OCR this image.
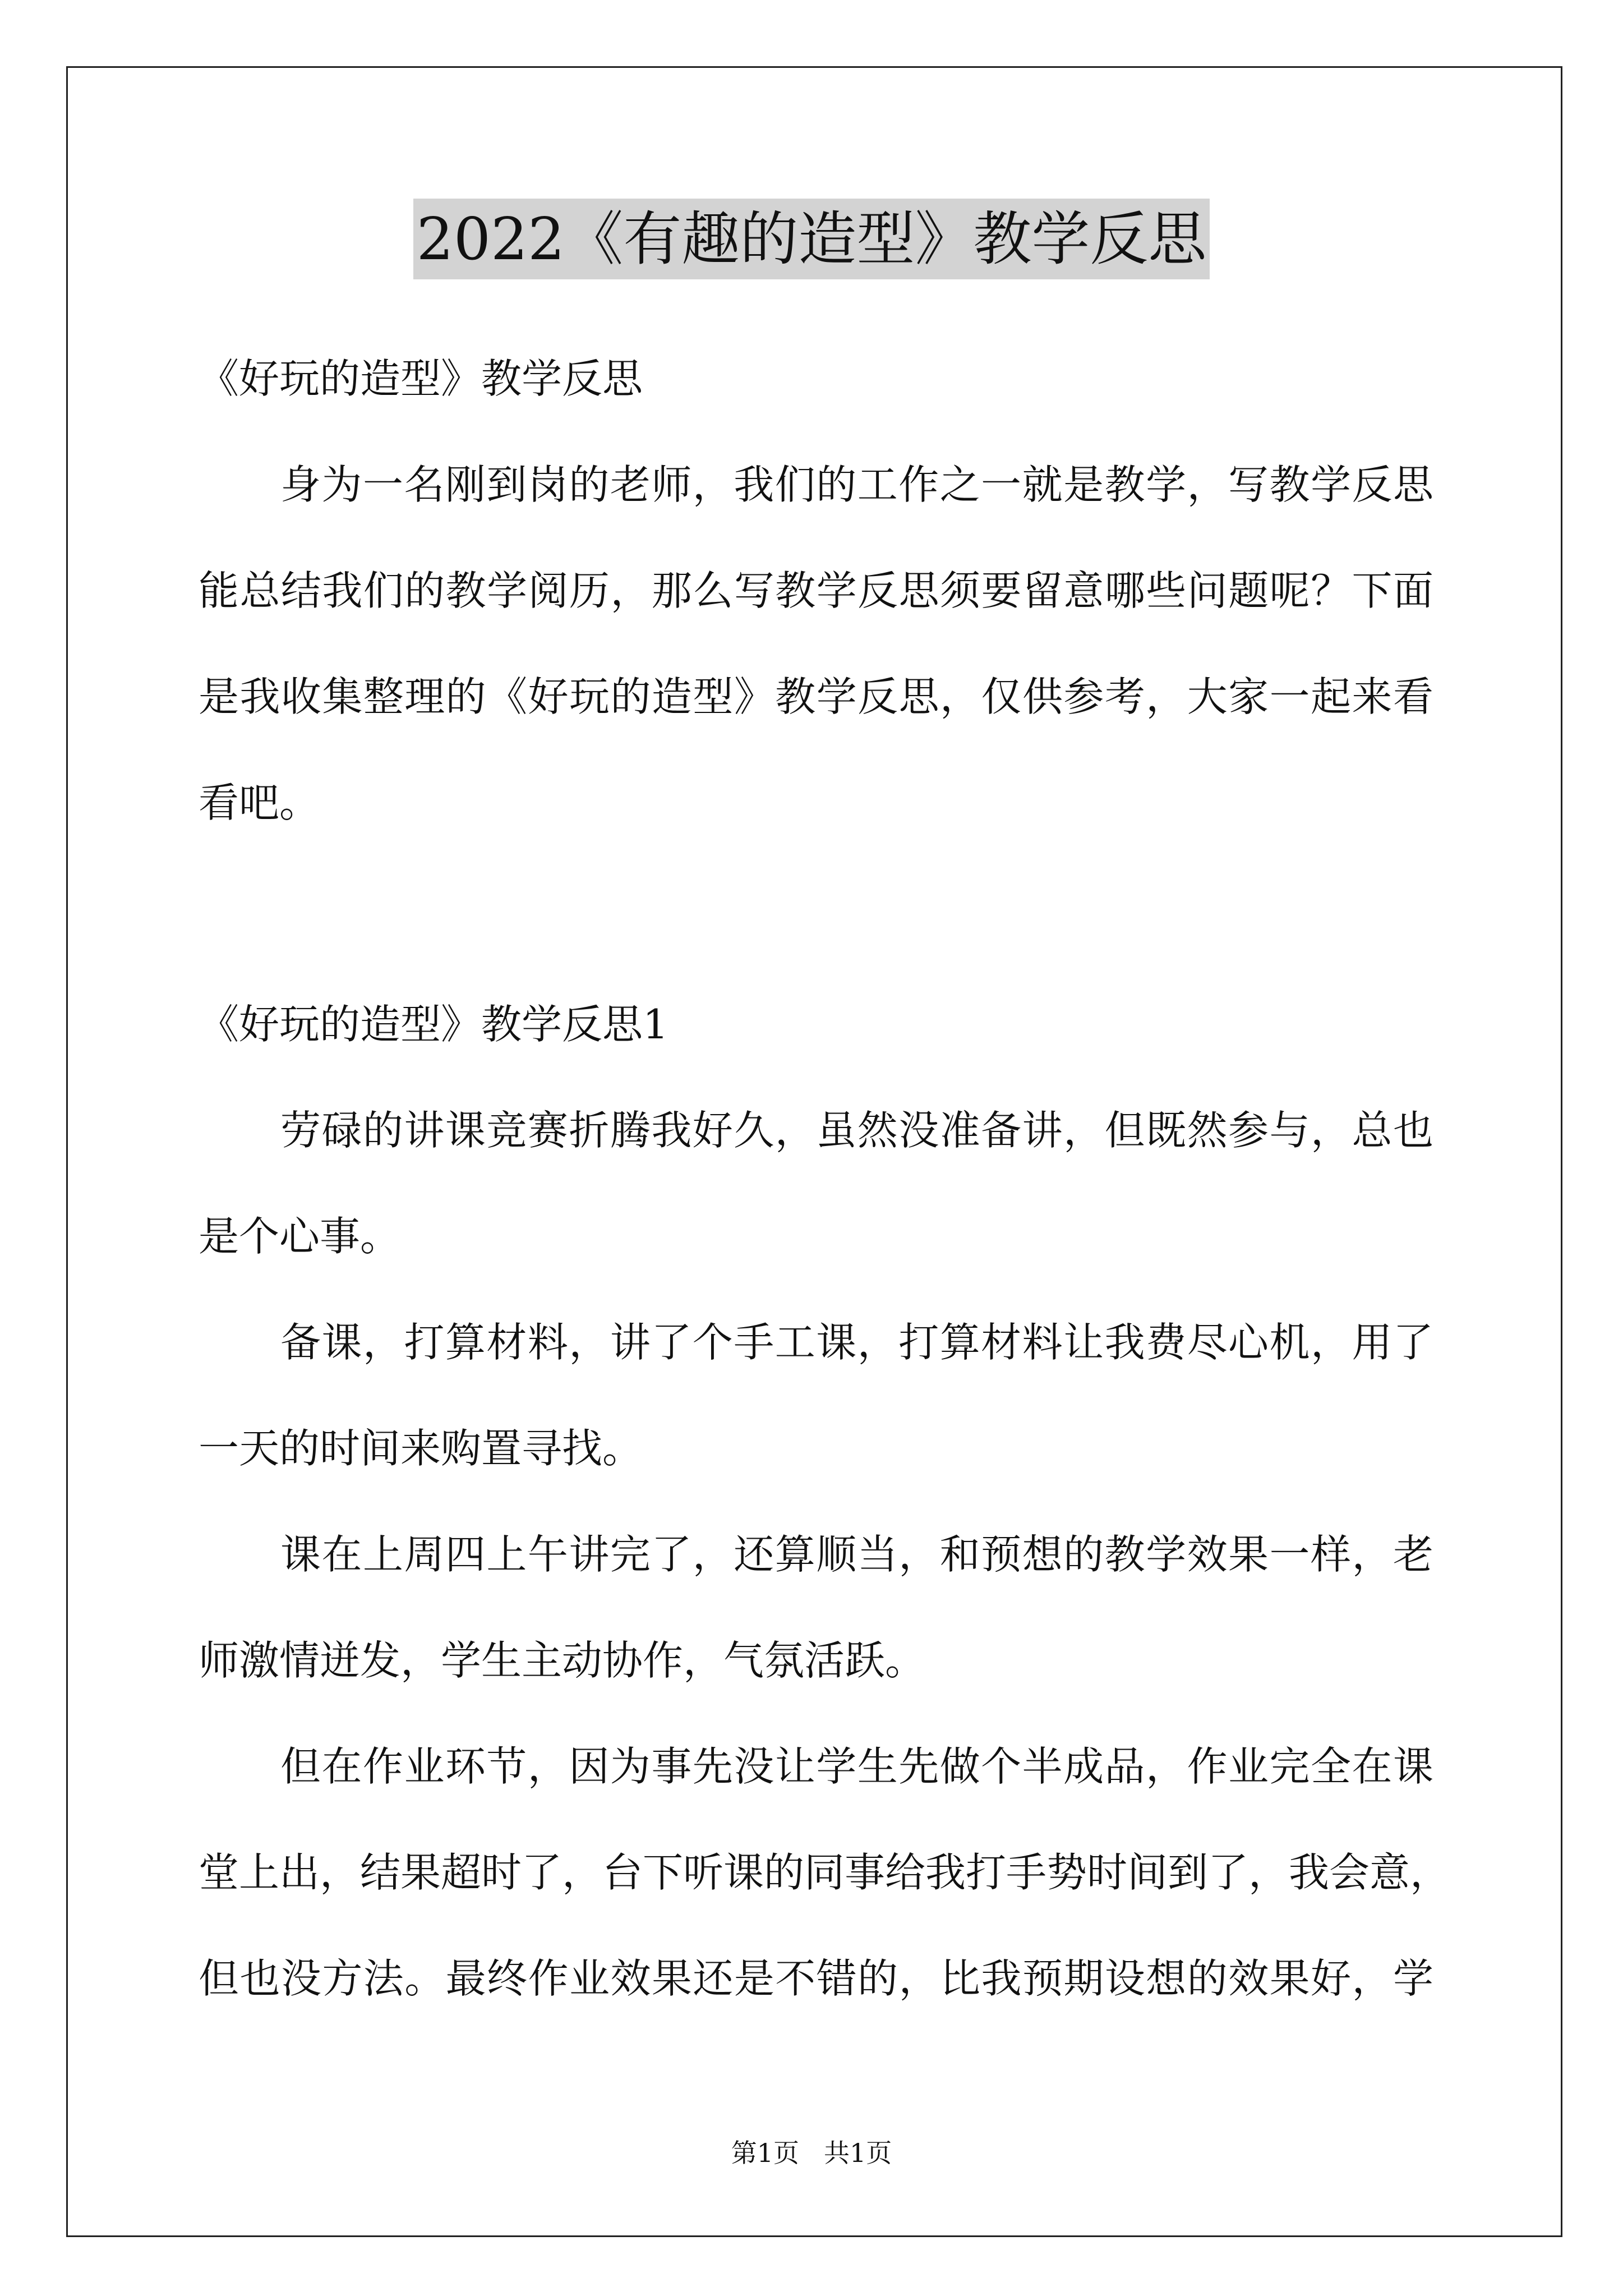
2022《有趣的造型》教学反思
《好玩的造型》教学反思
身为一名刚到岗的老师，我们的工作之一就是教学，写教学反思
能总结我们的教学阅历，那么写教学反思须要留意哪些问题呢？下面
是我收集整理的《好玩的造型》教学反思，仅供参考，大家一起来看
看吧。
《好玩的造型》教学反思1
劳碌的讲课竞赛折腾我好久，虽然没准备讲，但既然参与，总也
是个心事。
备课，打算材料，讲了个手工课，打算材料让我费尽心机，用了
一天的时间来购置寻找。
课在上周四上午讲完了，还算顺当，和预想的教学效果一样，老
师激情迸发，学生主动协作，气氛活跃。
但在作业环节，因为事先没让学生先做个半成品，作业完全在课
堂上出，结果超时了，台下听课的同事给我打手势时间到了，我会意，
但也没方法。最终作业效果还是不错的，比我预期设想的效果好，学
第1页 共1页
